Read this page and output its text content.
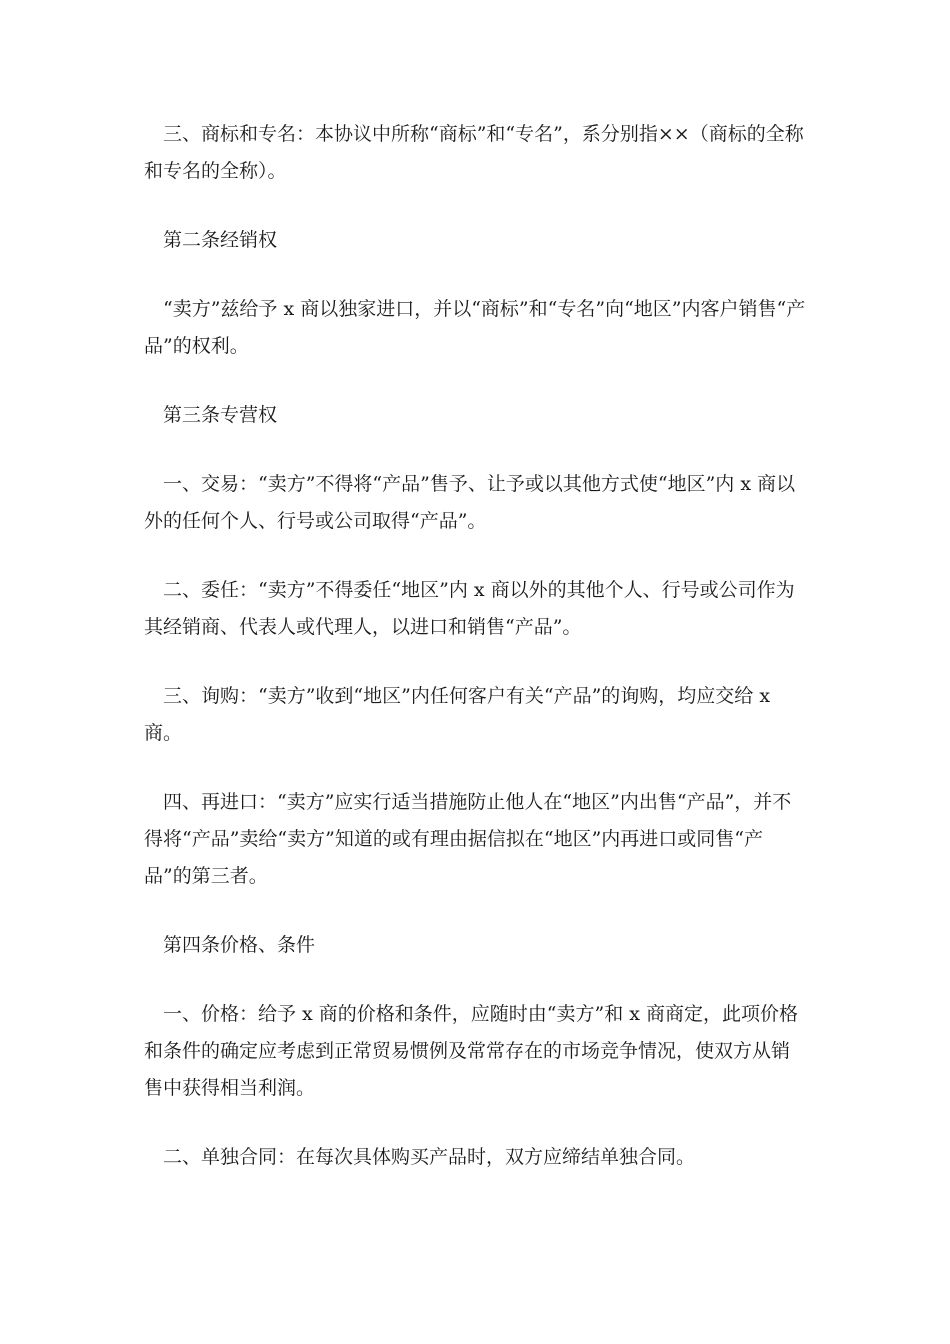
三、商标和专名：本协议中所称“商标”和“专名”，系分别指××（商标的全称和专名的全称）。

第二条经销权

“卖方”兹给予 x 商以独家进口，并以“商标”和“专名”向“地区”内客户销售“产品”的权利。

第三条专营权

一、交易：“卖方”不得将“产品”售予、让予或以其他方式使“地区”内 x 商以外的任何个人、行号或公司取得“产品”。

二、委任：“卖方”不得委任“地区”内 x 商以外的其他个人、行号或公司作为其经销商、代表人或代理人，以进口和销售“产品”。

三、询购：“卖方”收到“地区”内任何客户有关“产品”的询购，均应交给 x 商。

四、再进口：“卖方”应实行适当措施防止他人在“地区”内出售“产品”，并不得将“产品”卖给“卖方”知道的或有理由据信拟在“地区”内再进口或同售“产品”的第三者。

第四条价格、条件

一、价格：给予 x 商的价格和条件，应随时由“卖方”和 x 商商定，此项价格和条件的确定应考虑到正常贸易惯例及常常存在的市场竞争情况，使双方从销售中获得相当利润。

二、单独合同：在每次具体购买产品时，双方应缔结单独合同。
